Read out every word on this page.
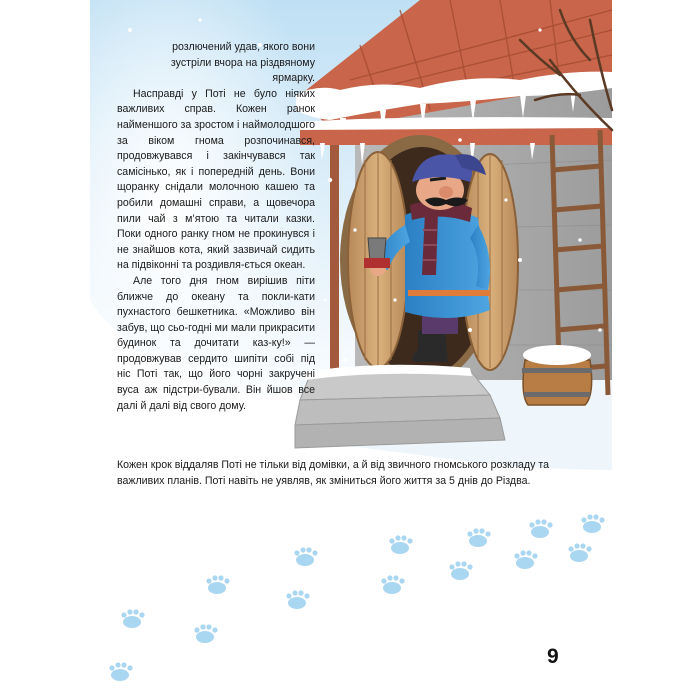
розлючений удав, якого вони

зустріли вчора на різдвяному

ярмарку.

Насправді у Поті не було ніяких важливих справ. Кожен ранок найменшого за зростом і наймолодшого за віком гнома розпочинався, продовжувався і закінчувався так самісінько, як і попередній день. Вони щоранку снідали молочною кашею та робили домашні справи, а щовечора пили чай з м’ятою та читали казки. Поки одного ранку гном не прокинувся і не знайшов кота, який зазвичай сидить на підвіконні та роздивля-ється океан.

Але того дня гном вирішив піти ближче до океану та покли-кати пухнастого бешкетника. «Можливо він забув, що сьо-годні ми мали прикрасити будинок та дочитати каз-ку!» — продовжував сердито шипіти собі під ніс Поті так, що його чорні закручені вуса аж підстри-бували. Він йшов все далі й далі від свого дому.

Кожен крок віддаляв Поті не тільки від домівки, а й від звичного гномського розкладу та важливих планів. Поті навіть не уявляв, як зміниться його життя за 5 днів до Різдва.

9
